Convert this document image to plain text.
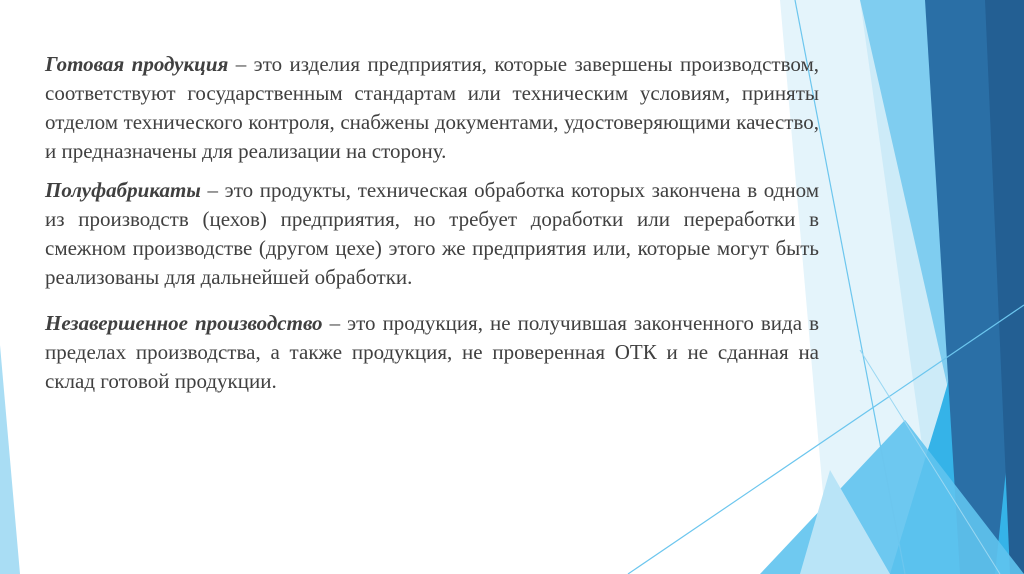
Готовая продукция – это изделия предприятия, которые завершены производством, соответствуют государственным стандартам или техническим условиям, приняты отделом технического контроля, снабжены документами, удостоверяющими качество, и предназначены для реализации на сторону.

Полуфабрикаты – это продукты, техническая обработка которых закончена в одном из производств (цехов) предприятия, но требует доработки или переработки в смежном производстве (другом цехе) этого же предприятия или, которые могут быть реализованы для дальнейшей обработки.

Незавершенное производство – это продукция, не получившая законченного вида в пределах производства, а также продукция, не проверенная ОТК и не сданная на склад готовой продукции.
